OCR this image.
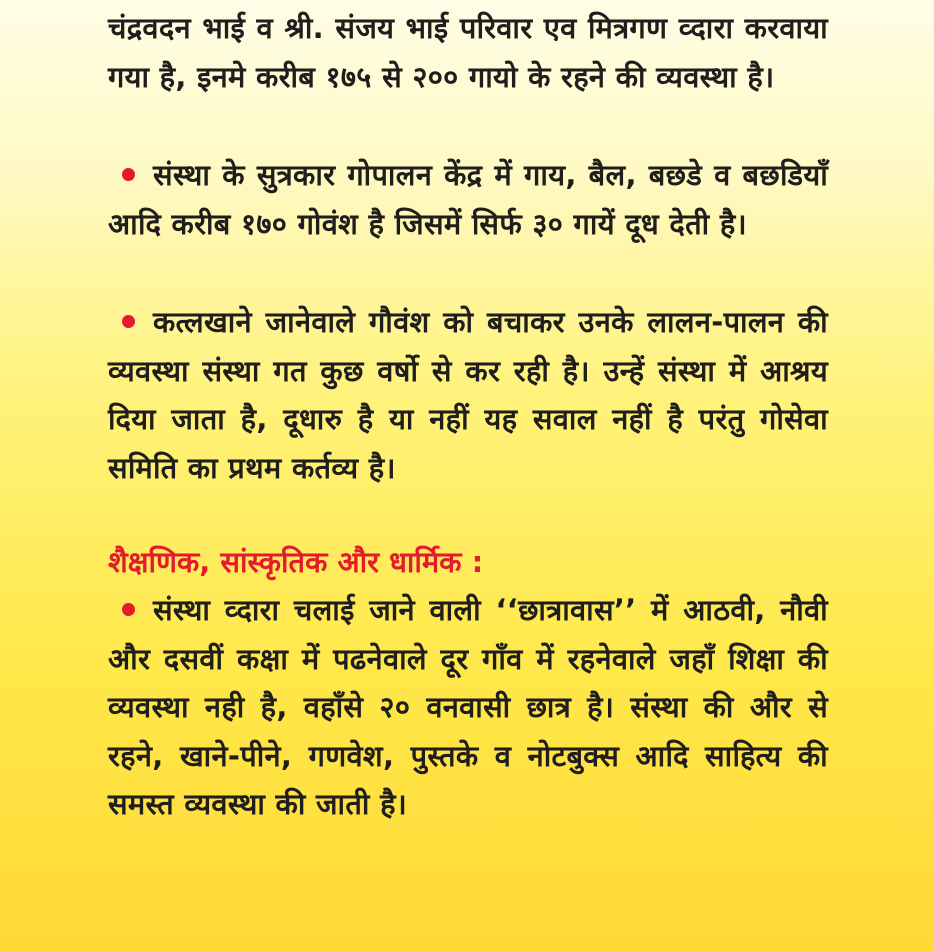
चंद्रवदन भाई व श्री. संजय भाई परिवार एव मित्रगण व्दारा करवाया गया है, इनमे करीब १७५ से २०० गायो के रहने की व्यवस्था है।

संस्था के सुत्रकार गोपालन केंद्र में गाय, बैल, बछडे व बछडियॉं आदि करीब १७० गोवंश है जिसमें सिर्फ ३० गायें दूध देती है।

कत्लखाने जानेवाले गौवंश को बचाकर उनके लालन-पालन की व्यवस्था संस्था गत कुछ वर्षो से कर रही है। उन्हें संस्था में आश्रय दिया जाता है, दूधारु है या नहीं यह सवाल नहीं है परंतु गोसेवा समिति का प्रथम कर्तव्य है।

शैक्षणिक, सांस्कृतिक और धार्मिक :

संस्था व्दारा चलाई जाने वाली ‘‘छात्रावास’’ में आठवी, नौवी और दसवीं कक्षा में पढनेवाले दूर गॉंव में रहनेवाले जहॉं शिक्षा की व्यवस्था नही है, वहॉंसे २० वनवासी छात्र है। संस्था की और से रहने, खाने-पीने, गणवेश, पुस्तके व नोटबुक्स आदि साहित्य की समस्त व्यवस्था की जाती है।
